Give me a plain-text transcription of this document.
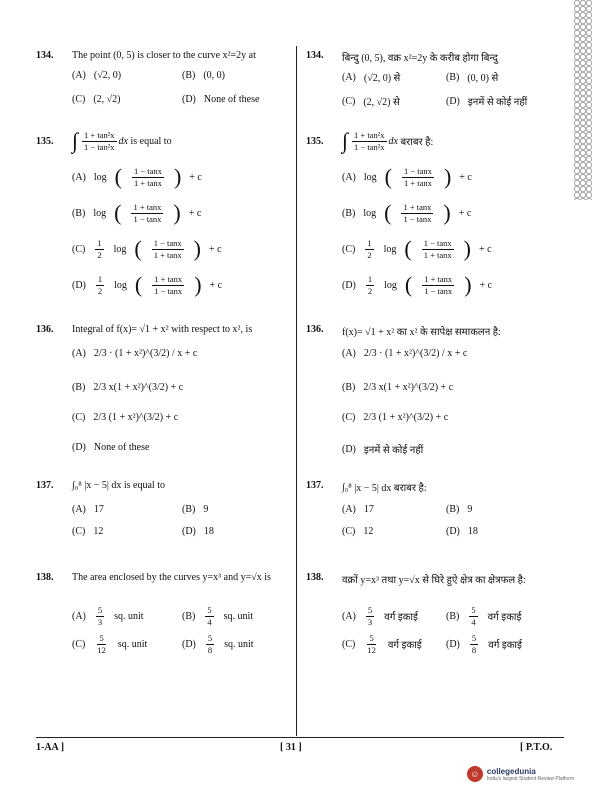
134. The point (0, 5) is closer to the curve x²=2y at
(A) (√2, 0)	(B) (0, 0)
(C) (2, √2)	(D) None of these
135. ∫ $\frac{\text{1 + tan²x}}{\text{1 − tan²x}}$ dx
is equal to
(A) log ( $\frac{1 - \tan x}{1 + \tan x}$ ) + c
(B) log ( $\frac{1 + \tan x}{1 - \tan x}$ ) + c
$(C) \frac{1}{2}$ log ( $\frac{1 - \tan x}{1 + \tan x}$ ) + c
$(D) \frac{1}{2}$ log ( $\frac{1 + \tan x}{1 - \tan x}$ ) + c
136. Integral of f(x)= √1 + x² with respect to x², is
(A) 2/3 · (1 + x²)^(3/2) / x + c
(B) 2/3 x(1 + x²)^(3/2) + c
(C) 2/3 (1 + x²)^(3/2) + c
(D) None of these
137. ∫₀⁸
|x − 5| dx is equal to
(A) 17	(B) 9
(C) 12	(D) 18
138. The area enclosed by the curves y=x³ and y=√x is
$(A) \frac{5}{3}$ sq. unit	$(B) \frac{5}{4}$ sq. unit
$(C) \frac{5}{12}$ sq. unit	$(D) \frac{5}{8}$ sq. unit
134. बिन्दु (0, 5), वक्र x²=2y के करीब होगा बिन्दु
(A) (√2, 0) से	(B) (0, 0) से
(C) (2, √2) से	(D) इनमें से कोई नहीं
135. ∫ $\frac{\text{1 + tan²x}}{\text{1 − tan²x}}$ dx
बराबर है:
(A) log ( $\frac{1 - \tan x}{1 + \tan x}$ ) + c
(B) log ( $\frac{1 + \tan x}{1 - \tan x}$ ) + c
$(C) \frac{1}{2}$ log ( $\frac{1 - \tan x}{1 + \tan x}$ ) + c
$(D) \frac{1}{2}$ log ( $\frac{1 + \tan x}{1 - \tan x}$ ) + c
136. f(x)= √1 + x² का x² के सापेक्ष समाकलन है:
(A) 2/3 · (1 + x²)^(3/2) / x + c
(B) 2/3 x(1 + x²)^(3/2) + c
(C) 2/3 (1 + x²)^(3/2) + c
(D) इनमें से कोई नहीं
137. ∫₀⁸
|x − 5| dx बराबर है:
(A) 17	(B) 9
(C) 12	(D) 18
138. वक्रों y=x³ तथा y=√x से घिरे हुऐ क्षेत्र का क्षेत्रफल है:
$(A) \frac{5}{3}$ वर्ग इकाई	$(B) \frac{5}{4}$ वर्ग इकाई
$(C) \frac{5}{12}$ वर्ग इकाई $(D) \frac{5}{8}$ वर्ग इकाई
1-AA ]	[ 31 ]	[ P.T.O.
☺ collegedunia
India's largest Student Review Platform
